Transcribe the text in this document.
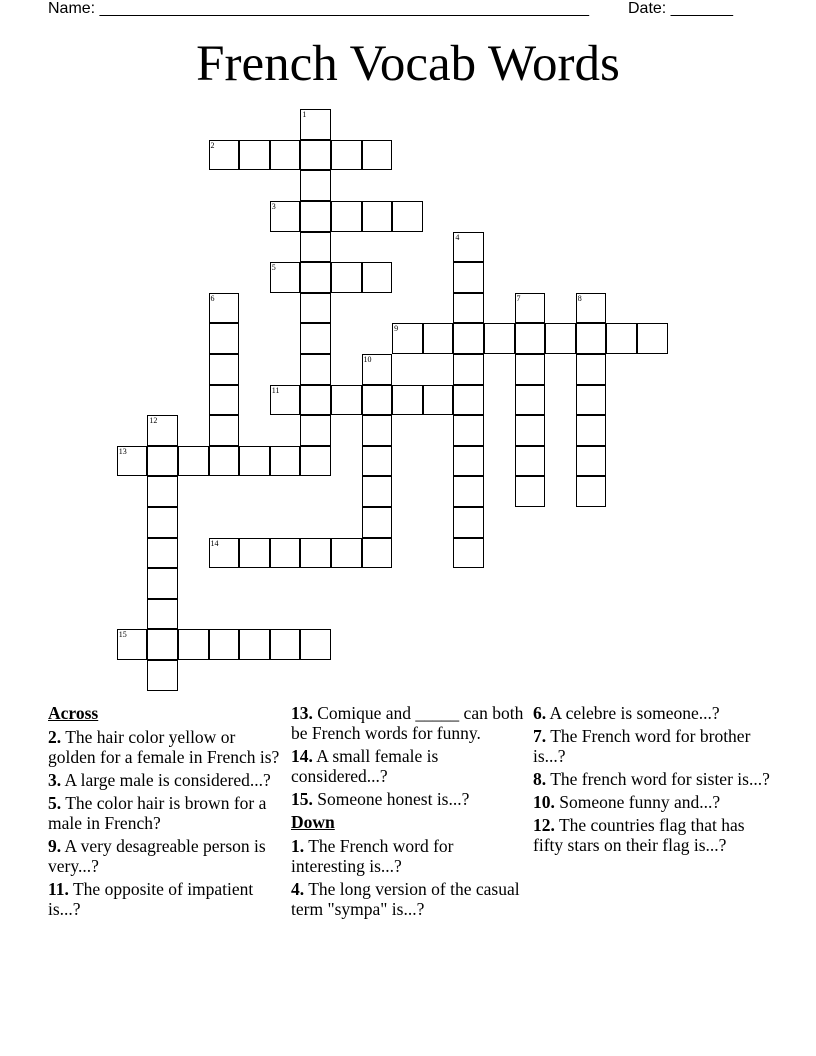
Name: _______________________________________________________ Date: _______
French Vocab Words
1
2
3
4
5
6	7	8
9
10
11
12
13
14
15
Across
2. The hair color yellow or golden for a female in French is?
3. A large male is considered...?
5. The color hair is brown for a male in French?
9. A very desagreable person is very...?
11. The opposite of impatient is...?
13. Comique and _____ can both be French words for funny.
14. A small female is considered...?
15. Someone honest is...?
Down
1. The French word for interesting is...?
4. The long version of the casual term "sympa" is...?
6. A celebre is someone...?
7. The French word for brother is...?
8. The french word for sister is...?
10. Someone funny and...?
12. The countries flag that has fifty stars on their flag is...?
